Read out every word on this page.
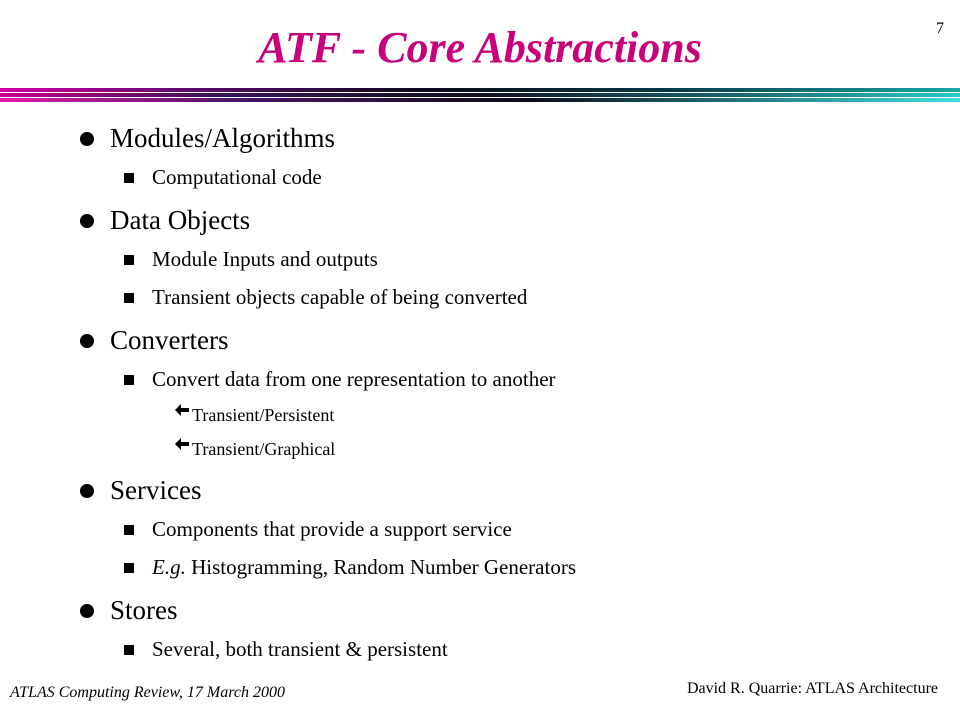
7
ATF - Core Abstractions
Modules/Algorithms
Computational code
Data Objects
Module Inputs and outputs
Transient objects capable of being converted
Converters
Convert data from one representation to another
Transient/Persistent
Transient/Graphical
Services
Components that provide a support service
E.g. Histogramming, Random Number Generators
Stores
Several, both transient & persistent
ATLAS Computing Review, 17 March 2000	David R. Quarrie: ATLAS Architecture
